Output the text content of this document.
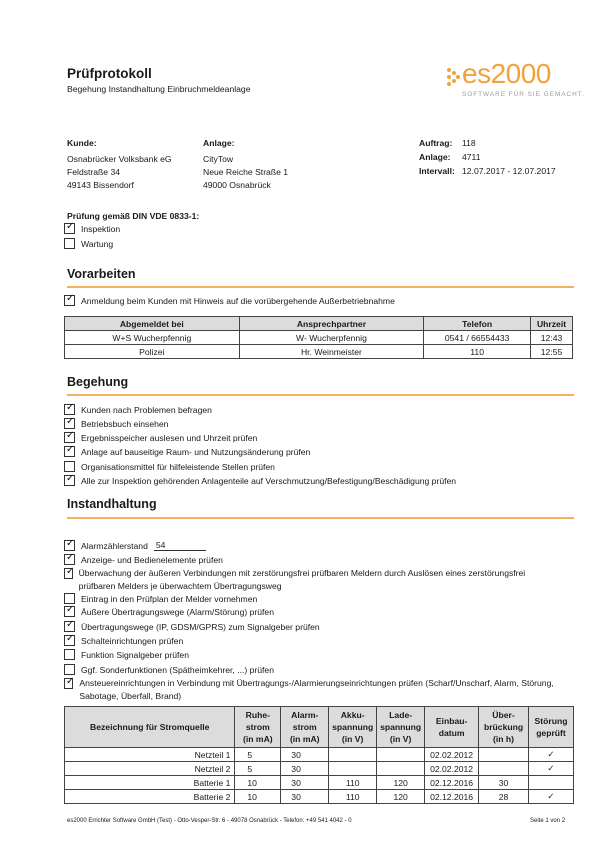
Prüfprotokoll
Begehung Instandhaltung Einbruchmeldeanlage	es2000
SOFTWARE FÜR SIE GEMACHT.
Kunde:
Osnabrücker Volksbank eG
Feldstraße 34
49143 Bissendorf
Anlage:
CityTow
Neue Reiche Straße 1
49000 Osnabrück
Auftrag: 118
Anlage: 4711
Intervall: 12.07.2017 - 12.07.2017
Prüfung gemäß DIN VDE 0833-1:
✓
Inspektion
Wartung
Vorarbeiten
✓
Anmeldung beim Kunden mit Hinweis auf die vorübergehende Außerbetriebnahme
Abgemeldet bei	Ansprechpartner	Telefon	Uhrzeit
W+S Wucherpfennig	W- Wucherpfennig	0541 / 66554433	12:43
Polizei	Hr. Weinmeister	110	12:55
Begehung
✓
Kunden nach Problemen befragen
✓
Betriebsbuch einsehen
✓
Ergebnisspeicher auslesen und Uhrzeit prüfen
✓
Anlage auf bauseitige Raum- und Nutzungsänderung prüfen
Organisationsmittel für hilfeleistende Stellen prüfen
✓
Alle zur Inspektion gehörenden Anlagenteile auf Verschmutzung/Befestigung/Beschädigung prüfen
Instandhaltung
✓
Alarmzählerstand 54
✓
Anzeige- und Bedienelemente prüfen
✓
Überwachung der äußeren Verbindungen mit zerstörungsfrei prüfbaren Meldern durch Auslösen eines zerstörungsfrei prüfbaren Melders je überwachtem Übertragungsweg
Eintrag in den Prüfplan der Melder vornehmen
✓
Äußere Übertragungswege (Alarm/Störung) prüfen
✓
Übertragungswege (IP, GDSM/GPRS) zum Signalgeber prüfen
✓
Schalteinrichtungen prüfen
Funktion Signalgeber prüfen
Ggf. Sonderfunktionen (Spätheimkehrer, ...) prüfen
✓
Ansteuereinrichtungen in Verbindung mit Übertragungs-/Alarmierungseinrichtungen prüfen (Scharf/Unscharf, Alarm, Störung, Sabotage, Überfall, Brand)
Bezeichnung für Stromquelle	Ruhe-
strom
(in mA)	Alarm-
strom
(in mA)	Akku-
spannung
(in V)	Lade-
spannung
(in V)	Einbau-
datum	Über-
brückung
(in h)	Störung
geprüft
Netzteil 1	5	30			02.02.2012		✓
Netzteil 2	5	30			02.02.2012		✓
Batterie 1	10	30	110	120	02.12.2016	30	
Batterie 2	10	30	110	120	02.12.2016	28	✓
es2000 Errichter Software GmbH (Test) - Otto-Vesper-Str. 6 - 49078 Osnabrück - Telefon: +49 541 4042 - 0	Seite 1 von 2
